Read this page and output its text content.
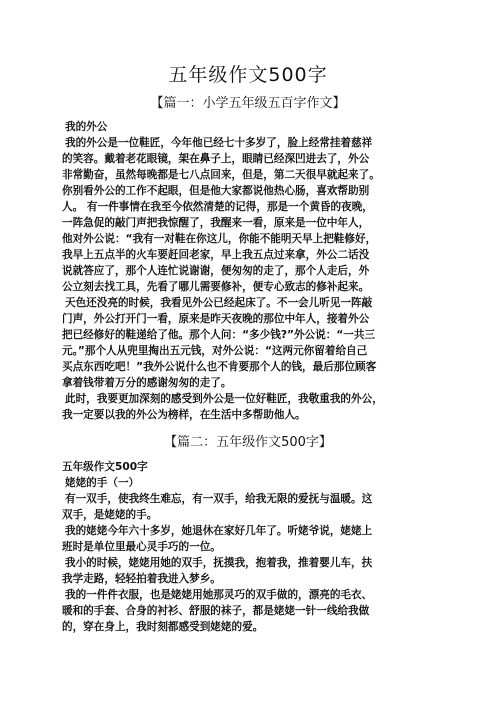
五年级作文500字
【篇一：小学五年级五百字作文】
我的外公
我的外公是一位鞋匠，今年他已经七十多岁了，脸上经常挂着慈祥
的笑容。戴着老花眼镜，架在鼻子上，眼睛已经深凹进去了，外公
非常勤奋，虽然每晚都是七八点回来，但是，第二天很早就起来了。
你别看外公的工作不起眼，但是他大家都说他热心肠，喜欢帮助别
人。 有一件事情在我至今依然清楚的记得，那是一个黄昏的夜晚，
一阵急促的敲门声把我惊醒了，我醒来一看，原来是一位中年人，
他对外公说：“我有一对鞋在你这儿，你能不能明天早上把鞋修好，
我早上五点半的火车要赶回老家，早上我五点过来拿，外公二话没
说就答应了，那个人连忙说谢谢，便匆匆的走了，那个人走后，外
公立刻去找工具，先看了哪儿需要修补，便专心致志的修补起来。
天色还没亮的时候，我看见外公已经起床了。不一会儿听见一阵敲
门声，外公打开门一看，原来是昨天夜晚的那位中年人，接着外公
把已经修好的鞋递给了他。那个人问：“多少钱?”外公说：“一共三
元。”那个人从兜里掏出五元钱，对外公说：“这两元你留着给自己
买点东西吃吧！”我外公说什么也不肯要那个人的钱，最后那位顾客
拿着钱带着万分的感谢匆匆的走了。
此时，我要更加深刻的感受到外公是一位好鞋匠，我敬重我的外公，
我一定要以我的外公为榜样，在生活中多帮助他人。
【篇二：五年级作文500字】
五年级作文500字
姥姥的手（一）
有一双手，使我终生难忘，有一双手，给我无限的爱抚与温暖。这
双手，是姥姥的手。
我的姥姥今年六十多岁，她退休在家好几年了。听姥爷说，姥姥上
班时是单位里最心灵手巧的一位。
我小的时候，姥姥用她的双手，抚摸我，抱着我，推着婴儿车，扶
我学走路，轻轻拍着我进入梦乡。
我的一件件衣服，也是姥姥用她那灵巧的双手做的，漂亮的毛衣、
暖和的手套、合身的衬衫、舒服的袜子，都是姥姥一针一线给我做
的，穿在身上，我时刻都感受到姥姥的爱。
